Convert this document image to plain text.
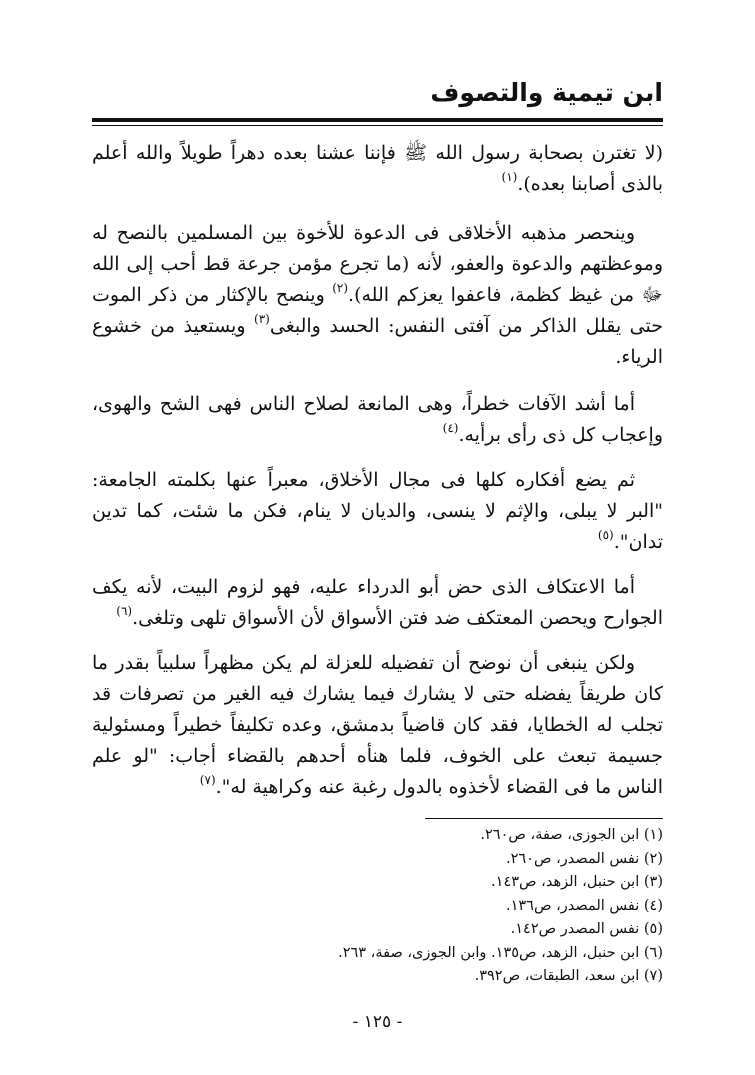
ابن تيمية والتصوف

(لا تغترن بصحابة رسول الله ﷺ فإننا عشنا بعده دهراً طويلاً والله أعلم بالذى أصابنا بعده).$^{(١)}$

وينحصر مذهبه الأخلاقى فى الدعوة للأخوة بين المسلمين بالنصح له وموعظتهم والدعوة والعفو، لأنه (ما تجرع مؤمن جرعة قط أحب إلى الله ﷻ من غيظ كظمة، فاعفوا يعزكم الله).$^{(٢)}$ وينصح بالإكثار من ذكر الموت حتى يقلل الذاكر من آفتى النفس: الحسد والبغى$^{(٣)}$ ويستعيذ من خشوع الرياء.

أما أشد الآفات خطراً، وهى المانعة لصلاح الناس فهى الشح والهوى، وإعجاب كل ذى رأى برأيه.$^{(٤)}$

ثم يضع أفكاره كلها فى مجال الأخلاق، معبراً عنها بكلمته الجامعة: "البر لا يبلى، والإثم لا ينسى، والديان لا ينام، فكن ما شئت، كما تدين تدان".$^{(٥)}$

أما الاعتكاف الذى حض أبو الدرداء عليه، فهو لزوم البيت، لأنه يكف الجوارح ويحصن المعتكف ضد فتن الأسواق لأن الأسواق تلهى وتلغى.$^{(٦)}$

ولكن ينبغى أن نوضح أن تفضيله للعزلة لم يكن مظهراً سلبياً بقدر ما كان طريقاً يفضله حتى لا يشارك فيما يشارك فيه الغير من تصرفات قد تجلب له الخطايا، فقد كان قاضياً بدمشق، وعده تكليفاً خطيراً ومسئولية جسيمة تبعث على الخوف، فلما هنأه أحدهم بالقضاء أجاب: "لو علم الناس ما فى القضاء لأخذوه بالدول رغبة عنه وكراهية له".$^{(٧)}$

(١) ابن الجوزى، صفة، ص٢٦٠.

(٢) نفس المصدر، ص٢٦٠.

(٣) ابن حنبل، الزهد، ص١٤٣.

(٤) نفس المصدر، ص١٣٦.

(٥) نفس المصدر ص١٤٢.

(٦) ابن حنبل، الزهد، ص١٣٥. وابن الجوزى، صفة، ٢٦٣.

(٧) ابن سعد، الطبقات، ص٣٩٢.

- ١٢٥ -
